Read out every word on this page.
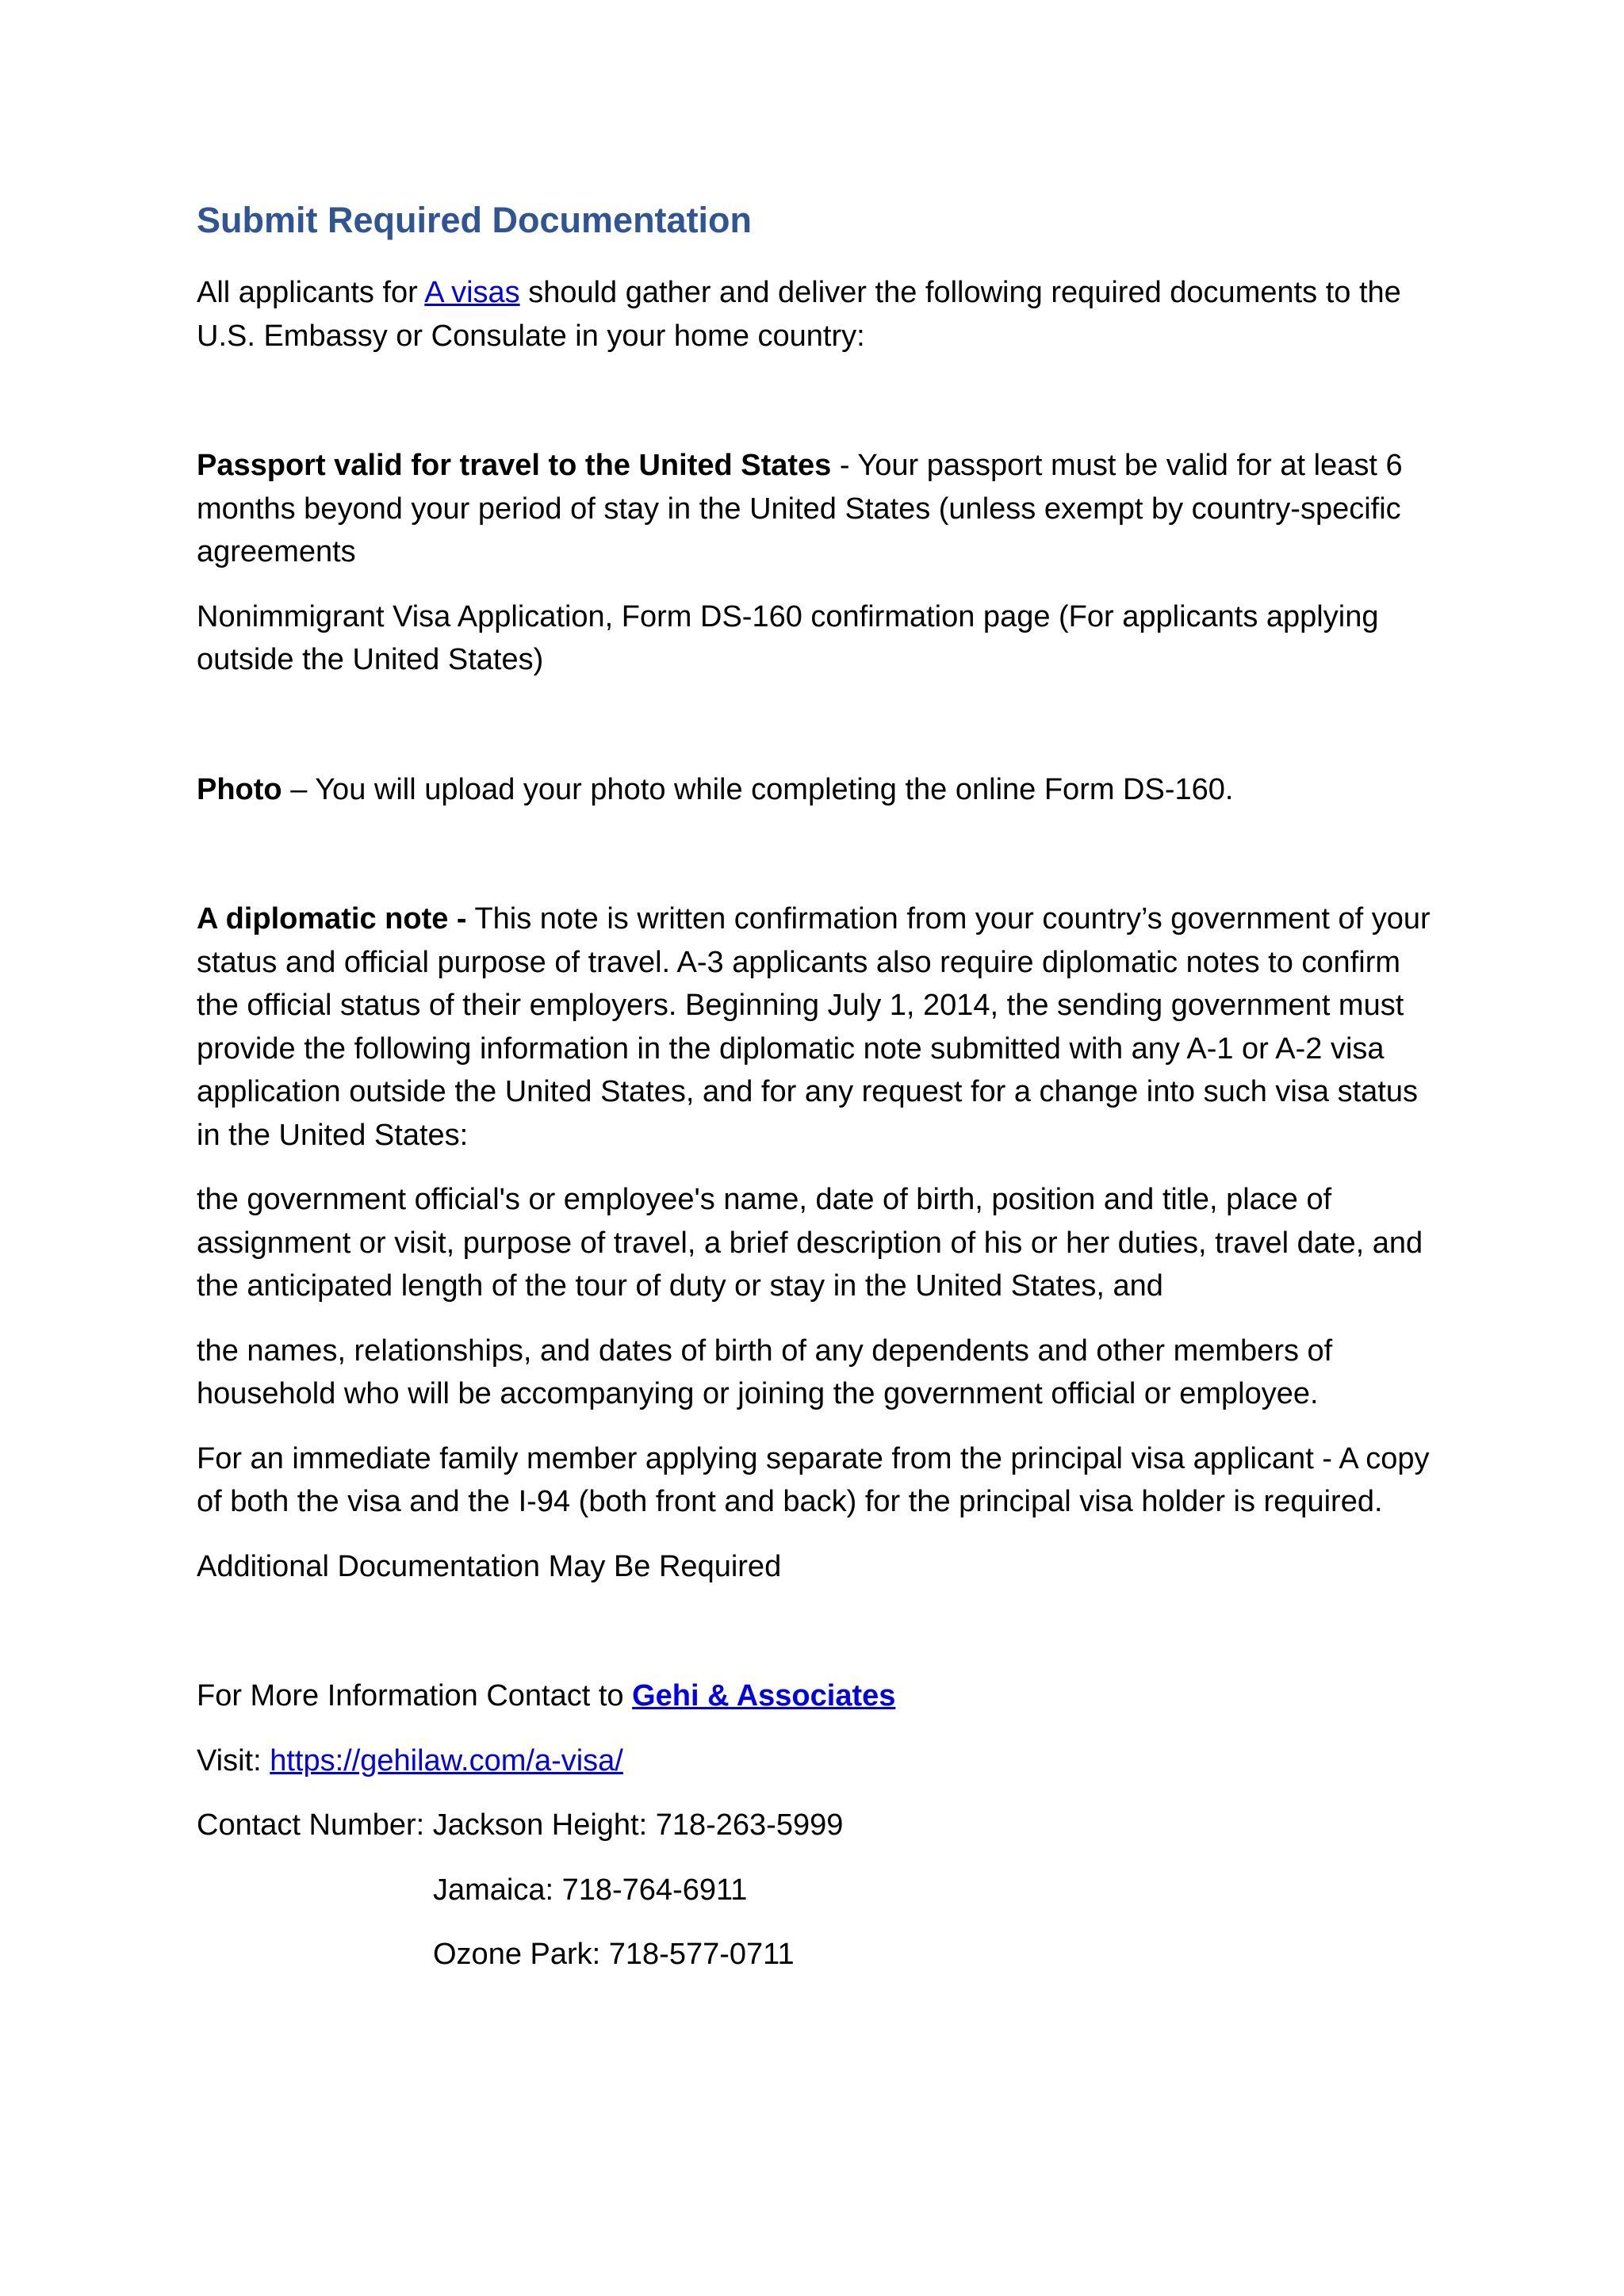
Submit Required Documentation

All applicants for A visas should gather and deliver the following required documents to the U.S. Embassy or Consulate in your home country:

Passport valid for travel to the United States - Your passport must be valid for at least 6 months beyond your period of stay in the United States (unless exempt by country-specific agreements

Nonimmigrant Visa Application, Form DS-160 confirmation page (For applicants applying outside the United States)

Photo – You will upload your photo while completing the online Form DS-160.

A diplomatic note - This note is written confirmation from your country’s government of your status and official purpose of travel. A-3 applicants also require diplomatic notes to confirm the official status of their employers. Beginning July 1, 2014, the sending government must provide the following information in the diplomatic note submitted with any A-1 or A-2 visa application outside the United States, and for any request for a change into such visa status in the United States:

the government official's or employee's name, date of birth, position and title, place of assignment or visit, purpose of travel, a brief description of his or her duties, travel date, and the anticipated length of the tour of duty or stay in the United States, and

the names, relationships, and dates of birth of any dependents and other members of household who will be accompanying or joining the government official or employee.

For an immediate family member applying separate from the principal visa applicant - A copy of both the visa and the I-94 (both front and back) for the principal visa holder is required.

Additional Documentation May Be Required

For More Information Contact to Gehi & Associates

Visit: https://gehilaw.com/a-visa/

Contact Number: Jackson Height: 718-263-5999

Jamaica: 718-764-6911

Ozone Park: 718-577-0711
